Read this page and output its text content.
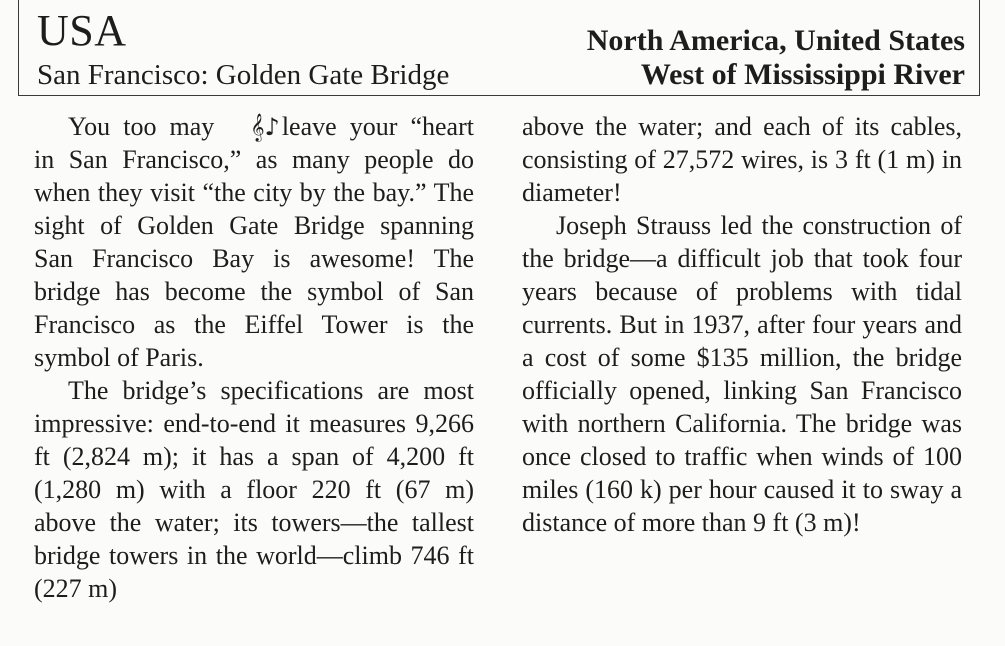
USA
San Francisco: Golden Gate Bridge
North America, United States
West of Mississippi River

You too may 𝄞♪leave your “heart in San Francisco,” as many people do when they visit “the city by the bay.” The sight of Golden Gate Bridge spanning San Francisco Bay is awesome! The bridge has become the symbol of San Francisco as the Eiffel Tower is the symbol of Paris.

The bridge’s specifications are most impressive: end-to-end it measures 9,266 ft (2,824 m); it has a span of 4,200 ft (1,280 m) with a floor 220 ft (67 m) above the water; its towers—the tallest bridge towers in the world—climb 746 ft (227 m)

above the water; and each of its cables, consisting of 27,572 wires, is 3 ft (1 m) in diameter!

Joseph Strauss led the construction of the bridge—a difficult job that took four years because of problems with tidal currents. But in 1937, after four years and a cost of some $135 million, the bridge officially opened, linking San Francisco with northern California. The bridge was once closed to traffic when winds of 100 miles (160 k) per hour caused it to sway a distance of more than 9 ft (3 m)!
